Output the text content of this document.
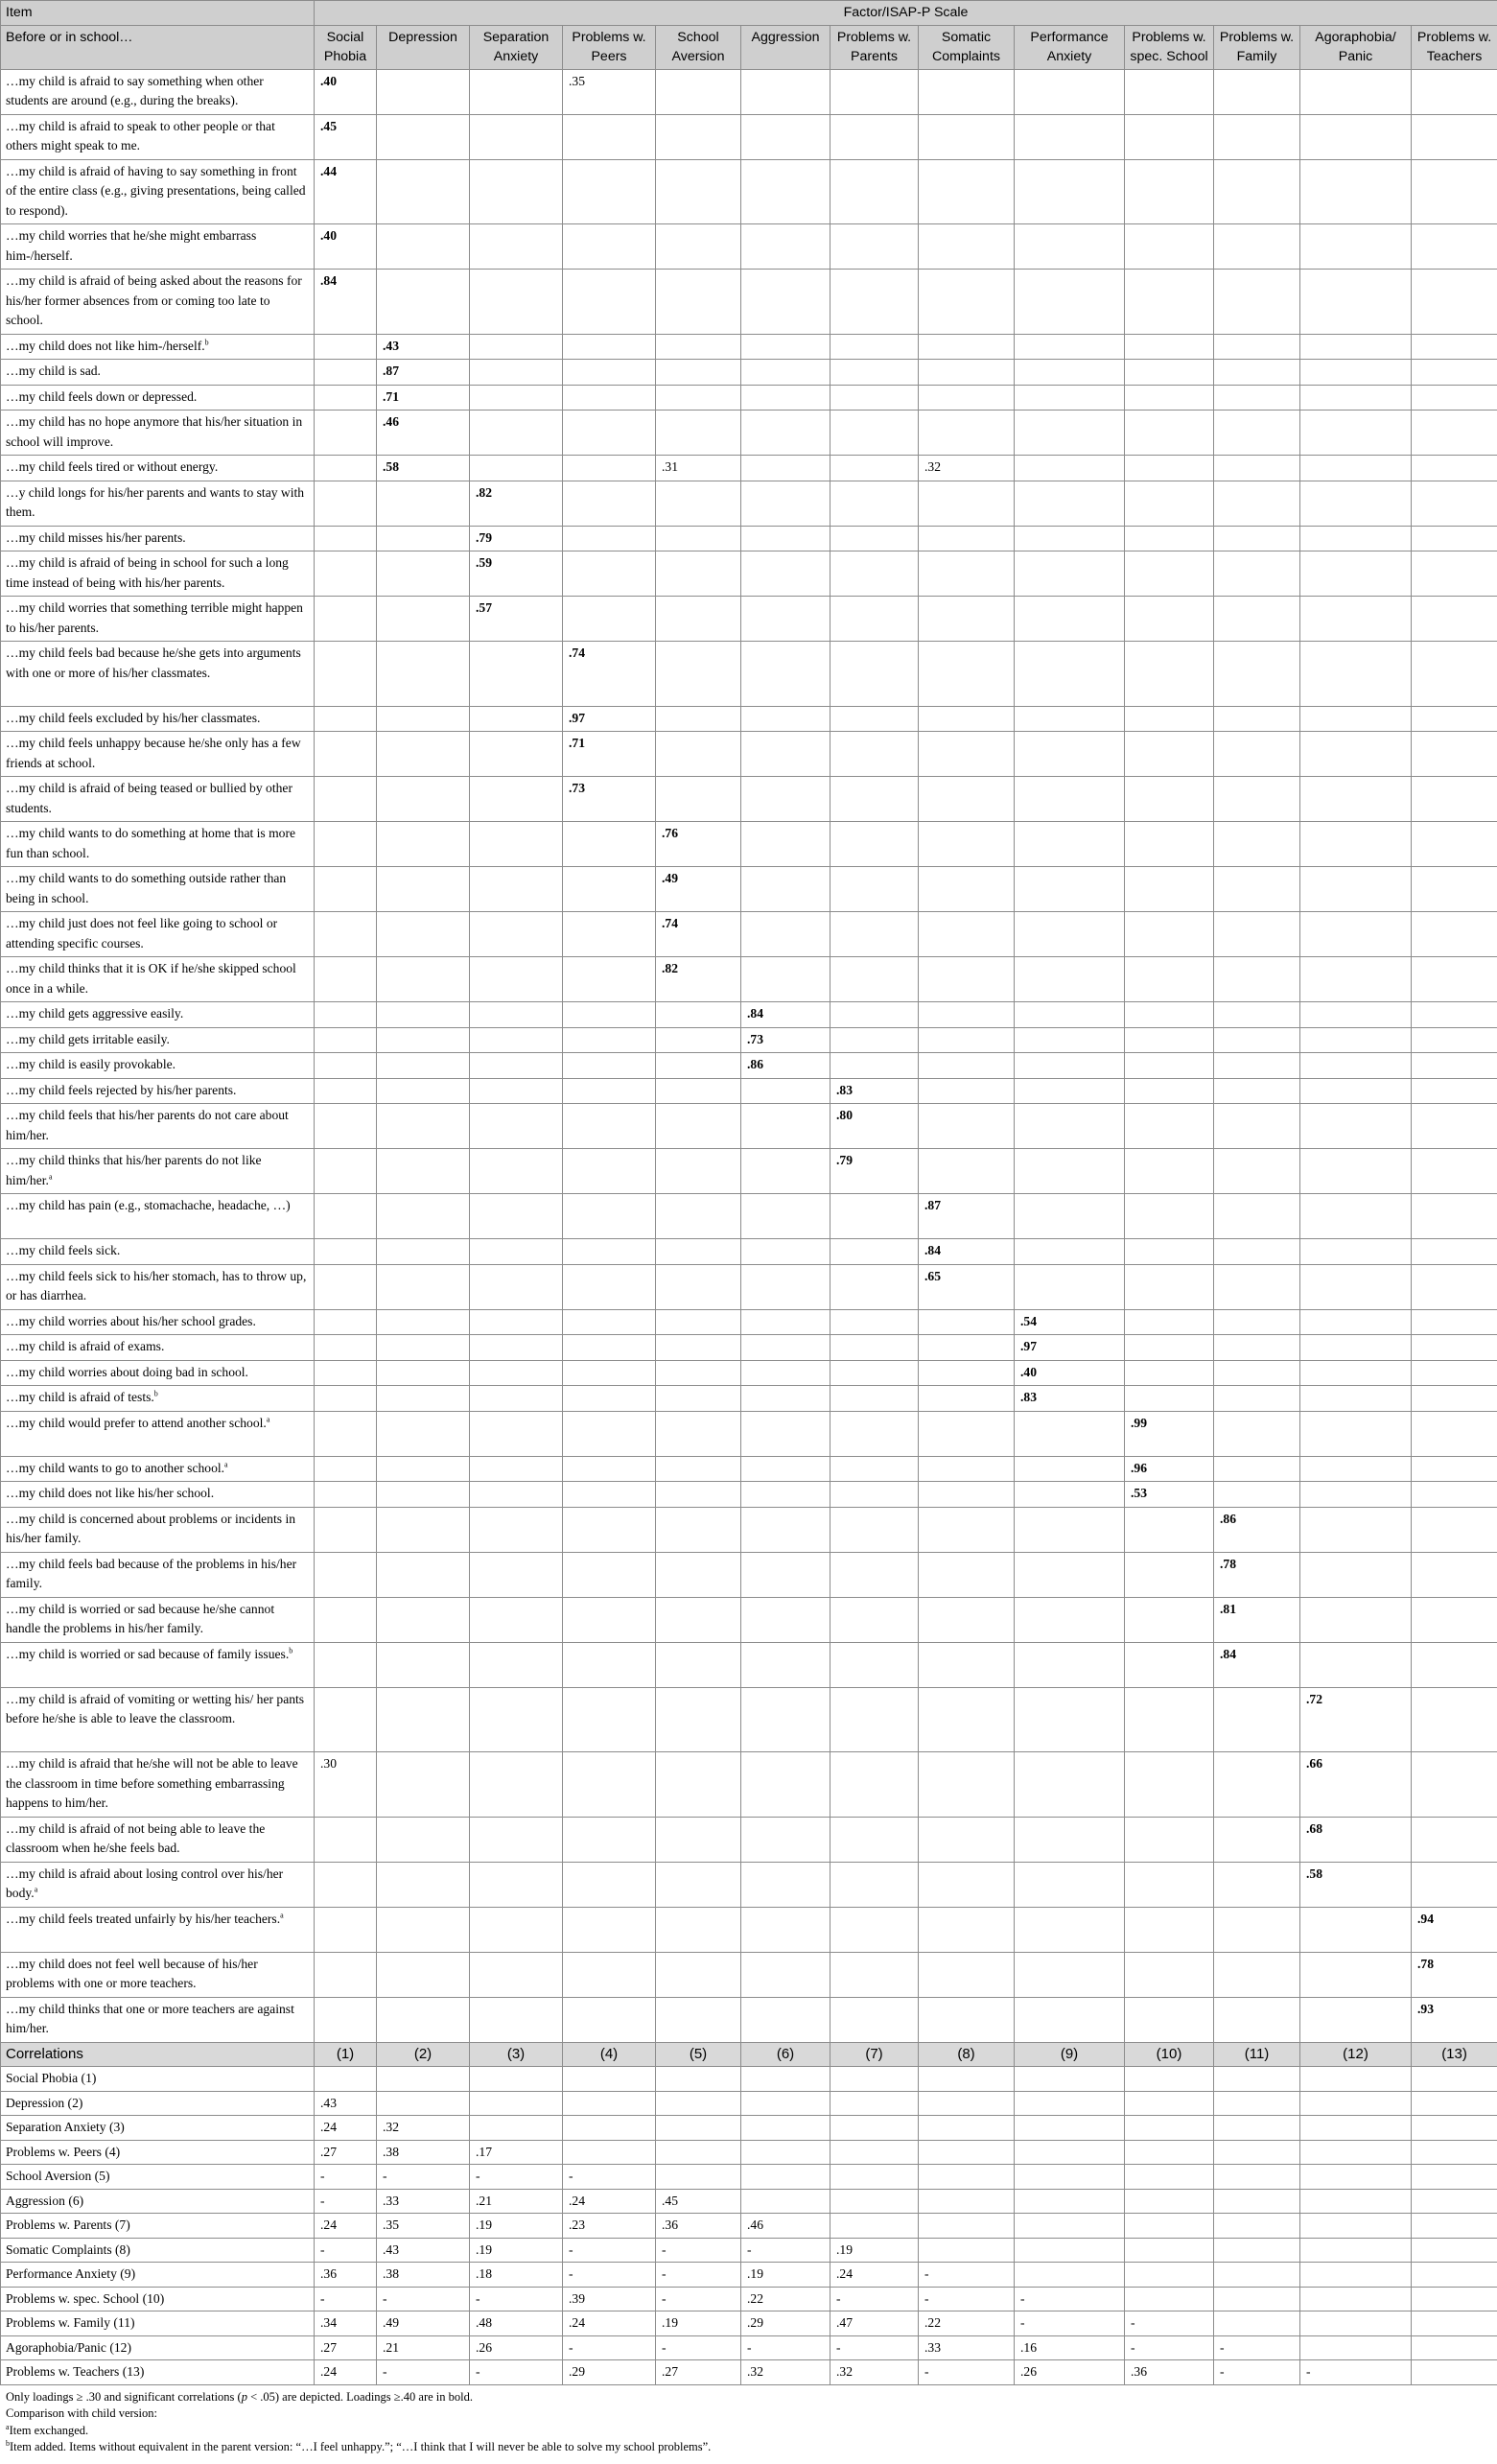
Item	Factor/ISAP-P Scale												
Before or in school…	Social Phobia	Depression	Separation Anxiety	Problems w. Peers	School Aversion	Aggression	Problems w. Parents	Somatic Complaints	Performance Anxiety	Problems w. spec. School	Problems w. Family	Agoraphobia/ Panic	Problems w. Teachers
…my child is afraid to say something when other students are around (e.g., during the breaks).	.40			.35									
…my child is afraid to speak to other people or that others might speak to me.	.45												
…my child is afraid of having to say something in front of the entire class (e.g., giving presentations, being called to respond).	.44												
…my child worries that he/she might embarrass him-/herself.	.40												
…my child is afraid of being asked about the reasons for his/her former absences from or coming too late to school.	.84												
…my child does not like him-/herself.$^b$		.43											
…my child is sad.		.87											
…my child feels down or depressed.		.71											
…my child has no hope anymore that his/her situation in school will improve.		.46											
…my child feels tired or without energy.		.58			.31			.32					
…y child longs for his/her parents and wants to stay with them.			.82										
…my child misses his/her parents.			.79										
…my child is afraid of being in school for such a long time instead of being with his/her parents.			.59										
…my child worries that something terrible might happen to his/her parents.			.57										
…my child feels bad because he/she gets into arguments with one or more of his/her classmates.				.74									
…my child feels excluded by his/her classmates.				.97									
…my child feels unhappy because he/she only has a few friends at school.				.71									
…my child is afraid of being teased or bullied by other students.				.73									
…my child wants to do something at home that is more fun than school.					.76								
…my child wants to do something outside rather than being in school.					.49								
…my child just does not feel like going to school or attending specific courses.					.74								
…my child thinks that it is OK if he/she skipped school once in a while.					.82								
…my child gets aggressive easily.						.84							
…my child gets irritable easily.						.73							
…my child is easily provokable.						.86							
…my child feels rejected by his/her parents.							.83						
…my child feels that his/her parents do not care about him/her.							.80						
…my child thinks that his/her parents do not like him/her.$^a$							.79						
…my child has pain (e.g., stomachache, headache, …)								.87					
…my child feels sick.								.84					
…my child feels sick to his/her stomach, has to throw up, or has diarrhea.								.65					
…my child worries about his/her school grades.									.54				
…my child is afraid of exams.									.97				
…my child worries about doing bad in school.									.40				
…my child is afraid of tests.$^b$									.83				
…my child would prefer to attend another school.$^a$										.99			
…my child wants to go to another school.$^a$										.96			
…my child does not like his/her school.										.53			
…my child is concerned about problems or incidents in his/her family.											.86		
…my child feels bad because of the problems in his/her family.											.78		
…my child is worried or sad because he/she cannot handle the problems in his/her family.											.81		
…my child is worried or sad because of family issues.$^b$											.84		
…my child is afraid of vomiting or wetting his/ her pants before he/she is able to leave the classroom.												.72	
…my child is afraid that he/she will not be able to leave the classroom in time before something embarrassing happens to him/her.	.30											.66	
…my child is afraid of not being able to leave the classroom when he/she feels bad.												.68	
…my child is afraid about losing control over his/her body.$^a$												.58	
…my child feels treated unfairly by his/her teachers.$^a$													.94
…my child does not feel well because of his/her problems with one or more teachers.													.78
…my child thinks that one or more teachers are against him/her.													.93
Correlations	(1)	(2)	(3)	(4)	(5)	(6)	(7)	(8)	(9)	(10)	(11)	(12)	(13)
Social Phobia (1)													
Depression (2)	.43												
Separation Anxiety (3)	.24	.32											
Problems w. Peers (4)	.27	.38	.17										
School Aversion (5)	-	-	-	-									
Aggression (6)	-	.33	.21	.24	.45								
Problems w. Parents (7)	.24	.35	.19	.23	.36	.46							
Somatic Complaints (8)	-	.43	.19	-	-	-	.19						
Performance Anxiety (9)	.36	.38	.18	-	-	.19	.24	-					
Problems w. spec. School (10)	-	-	-	.39	-	.22	-	-	-				
Problems w. Family (11)	.34	.49	.48	.24	.19	.29	.47	.22	-	-			
Agoraphobia/Panic (12)	.27	.21	.26	-	-	-	-	.33	.16	-	-		
Problems w. Teachers (13)	.24	-	-	.29	.27	.32	.32	-	.26	.36	-	-	

Only loadings ≥ .30 and significant correlations (p < .05) are depicted. Loadings ≥.40 are in bold.

Comparison with child version:

$^a$Item exchanged.

$^b$Item added. Items without equivalent in the parent version: “…I feel unhappy.”; “…I think that I will never be able to solve my school problems”.
